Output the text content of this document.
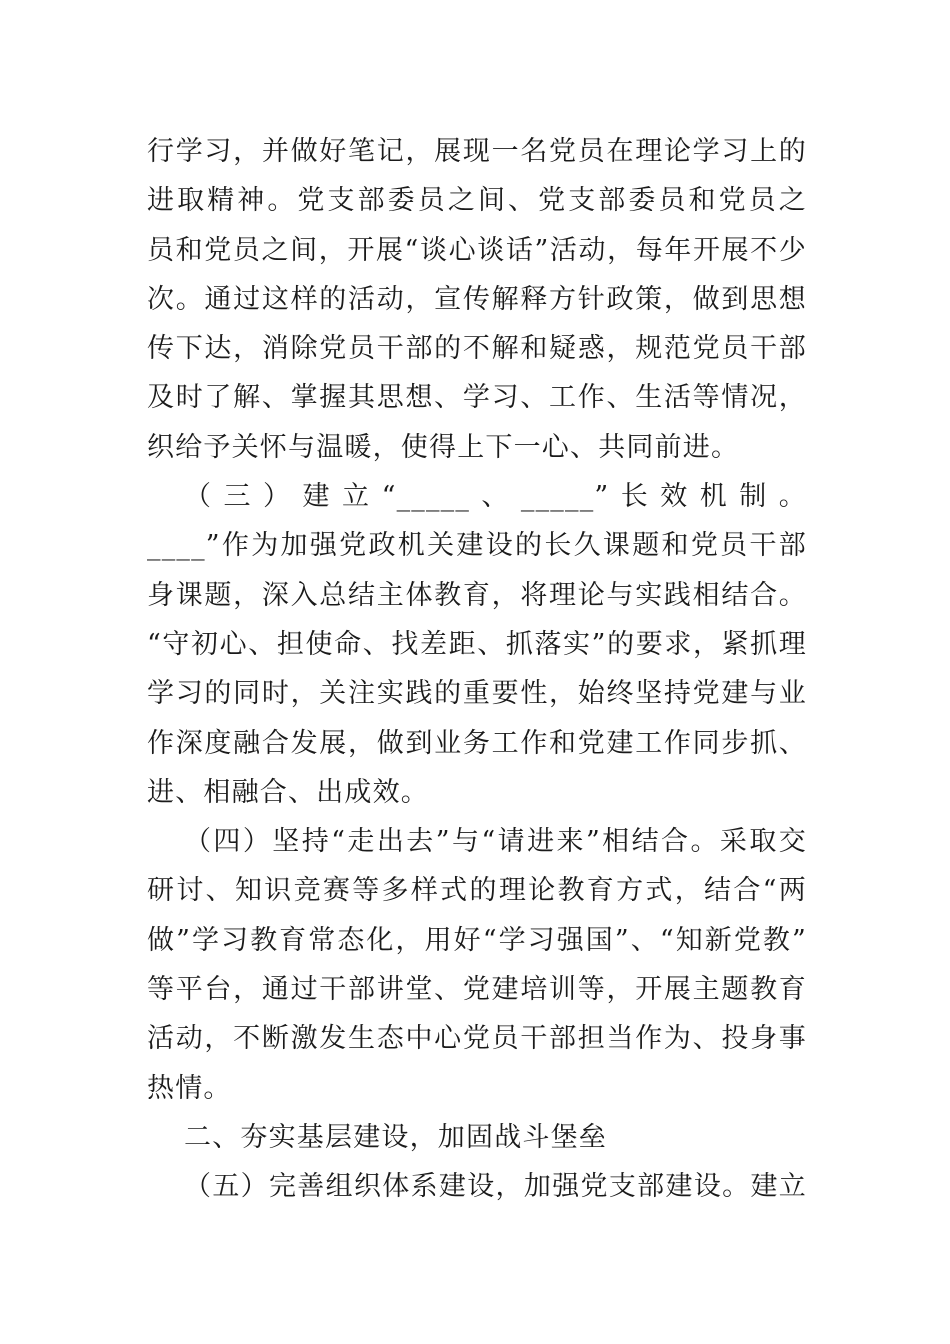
行学习，并做好笔记，展现一名党员在理论学习上的
进取精神。党支部委员之间、党支部委员和党员之
员和党员之间，开展“谈心谈话”活动，每年开展不少
次。通过这样的活动，宣传解释方针政策，做到思想
传下达，消除党员干部的不解和疑惑，规范党员干部
及时了解、掌握其思想、学习、工作、生活等情况，
织给予关怀与温暖，使得上下一心、共同前进。
（三）建立“_____、_____”长效机制。
____”作为加强党政机关建设的长久课题和党员干部
身课题，深入总结主体教育，将理论与实践相结合。
“守初心、担使命、找差距、抓落实”的要求，紧抓理
学习的同时，关注实践的重要性，始终坚持党建与业
作深度融合发展，做到业务工作和党建工作同步抓、
进、相融合、出成效。
（四）坚持“走出去”与“请进来”相结合。采取交
研讨、知识竞赛等多样式的理论教育方式，结合“两
做”学习教育常态化，用好“学习强国”、“知新党教”
等平台，通过干部讲堂、党建培训等，开展主题教育
活动，不断激发生态中心党员干部担当作为、投身事
热情。
二、夯实基层建设，加固战斗堡垒
（五）完善组织体系建设，加强党支部建设。建立
